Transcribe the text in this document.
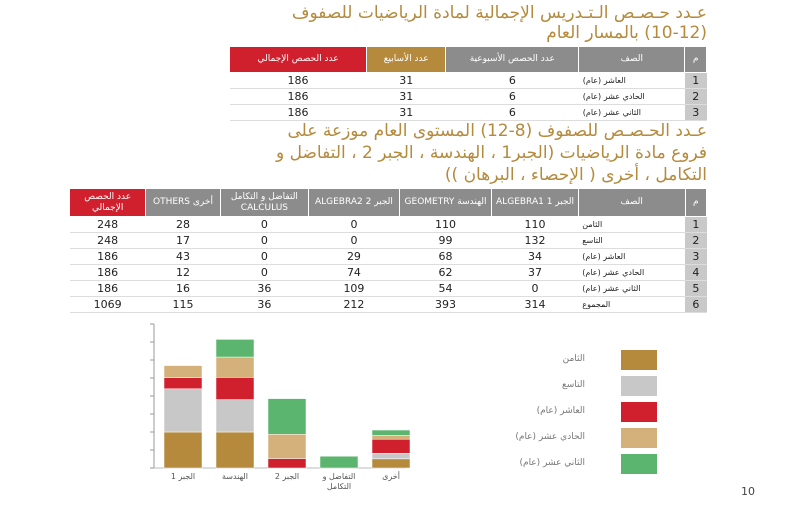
عـدد حـصـص الـتـدريس الإجمالية لمادة الرياضيات للصفوف
(10-12) بالمسار العام
م	الصف	عدد الحصص الأسبوعية	عدد الأسابيع	عدد الحصص الإجمالي
1	العاشر (عام)	6	31	186
2	الحادي عشر (عام)	6	31	186
3	الثاني عشر (عام)	6	31	186
عـدد الحـصـص للصفوف (8-12) المستوى العام موزعة على
فروع مادة الرياضيات (الجبر1 ، الهندسة ، الجبر 2 ، التفاضل و
التكامل ، أخرى ( الإحصاء ، البرهان ))
م	الصف	الجبر 1 ALGEBRA1	الهندسة GEOMETRY	الجبر 2 ALGEBRA2	التفاضل و التكامل CALCULUS	أخرى OTHERS	عدد الحصص الإجمالي
1	الثامن	110	110	0	0	28	248
2	التاسع	132	99	0	0	17	248
3	العاشر (عام)	34	68	29	0	43	186
4	الحادي عشر (عام)	37	62	74	0	12	186
5	الثاني عشر (عام)	0	54	109	36	16	186
6	المجموع	314	393	212	36	115	1069
الجبر 1	الهندسة	الجبر 2	التفاضل و التكامل
أخرى
الثامن
التاسع
العاشر (عام)
الحادي عشر (عام)
الثاني عشر (عام)
10
